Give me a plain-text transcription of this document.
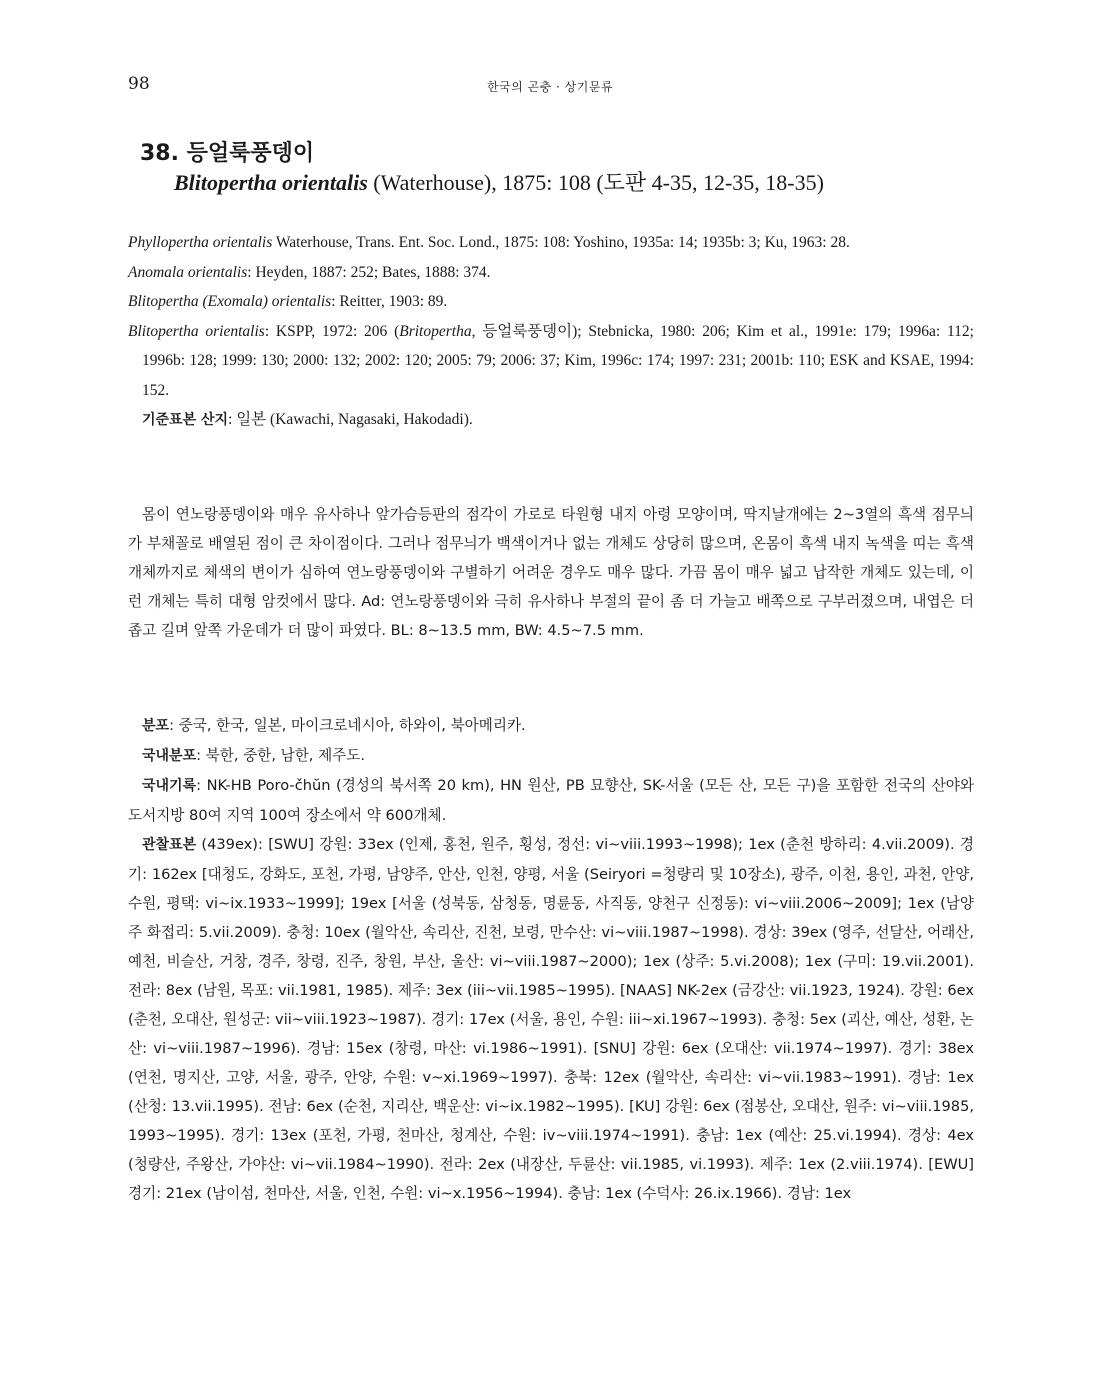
98	한국의 곤충 · 상기문류
38. 등얼룩풍뎅이
Blitopertha orientalis (Waterhouse), 1875: 108 (도판 4-35, 12-35, 18-35)

Phyllopertha orientalis Waterhouse, Trans. Ent. Soc. Lond., 1875: 108: Yoshino, 1935a: 14; 1935b: 3; Ku, 1963: 28.

Anomala orientalis: Heyden, 1887: 252; Bates, 1888: 374.

Blitopertha (Exomala) orientalis: Reitter, 1903: 89.

Blitopertha orientalis: KSPP, 1972: 206 (Britopertha, 등얼룩풍뎅이); Stebnicka, 1980: 206; Kim et al., 1991e: 179; 1996a: 112; 1996b: 128; 1999: 130; 2000: 132; 2002: 120; 2005: 79; 2006: 37; Kim, 1996c: 174; 1997: 231; 2001b: 110; ESK and KSAE, 1994: 152.

기준표본 산지: 일본 (Kawachi, Nagasaki, Hakodadi).

몸이 연노랑풍뎅이와 매우 유사하나 앞가슴등판의 점각이 가로로 타원형 내지 아령 모양이며, 딱지날개에는 2~3열의 흑색 점무늬가 부채꼴로 배열된 점이 큰 차이점이다. 그러나 점무늬가 백색이거나 없는 개체도 상당히 많으며, 온몸이 흑색 내지 녹색을 띠는 흑색 개체까지로 체색의 변이가 심하여 연노랑풍뎅이와 구별하기 어려운 경우도 매우 많다. 가끔 몸이 매우 넓고 납작한 개체도 있는데, 이런 개체는 특히 대형 암컷에서 많다. Ad: 연노랑풍뎅이와 극히 유사하나 부절의 끝이 좀 더 가늘고 배쪽으로 구부러졌으며, 내엽은 더 좁고 길며 앞쪽 가운데가 더 많이 파였다. BL: 8~13.5 mm, BW: 4.5~7.5 mm.

분포: 중국, 한국, 일본, 마이크로네시아, 하와이, 북아메리카.

국내분포: 북한, 중한, 남한, 제주도.

국내기록: NK-HB Poro-čhŭn (경성의 북서쪽 20 km), HN 원산, PB 묘향산, SK-서울 (모든 산, 모든 구)을 포함한 전국의 산야와 도서지방 80여 지역 100여 장소에서 약 600개체.

관찰표본 (439ex): [SWU] 강원: 33ex (인제, 홍천, 원주, 횡성, 정선: vi~viii.1993~1998); 1ex (춘천 방하리: 4.vii.2009). 경기: 162ex [대청도, 강화도, 포천, 가평, 남양주, 안산, 인천, 양평, 서울 (Seiryori =청량리 및 10장소), 광주, 이천, 용인, 과천, 안양, 수원, 평택: vi~ix.1933~1999]; 19ex [서울 (성북동, 삼청동, 명륜동, 사직동, 양천구 신정동): vi~viii.2006~2009]; 1ex (남양주 화접리: 5.vii.2009). 충청: 10ex (월악산, 속리산, 진천, 보령, 만수산: vi~viii.1987~1998). 경상: 39ex (영주, 선달산, 어래산, 예천, 비슬산, 거창, 경주, 창령, 진주, 창원, 부산, 울산: vi~viii.1987~2000); 1ex (상주: 5.vi.2008); 1ex (구미: 19.vii.2001). 전라: 8ex (남원, 목포: vii.1981, 1985). 제주: 3ex (iii~vii.1985~1995). [NAAS] NK-2ex (금강산: vii.1923, 1924). 강원: 6ex (춘천, 오대산, 원성군: vii~viii.1923~1987). 경기: 17ex (서울, 용인, 수원: iii~xi.1967~1993). 충청: 5ex (괴산, 예산, 성환, 논산: vi~viii.1987~1996). 경남: 15ex (창령, 마산: vi.1986~1991). [SNU] 강원: 6ex (오대산: vii.1974~1997). 경기: 38ex (연천, 명지산, 고양, 서울, 광주, 안양, 수원: v~xi.1969~1997). 충북: 12ex (월악산, 속리산: vi~vii.1983~1991). 경남: 1ex (산청: 13.vii.1995). 전남: 6ex (순천, 지리산, 백운산: vi~ix.1982~1995). [KU] 강원: 6ex (점봉산, 오대산, 원주: vi~viii.1985, 1993~1995). 경기: 13ex (포천, 가평, 천마산, 청계산, 수원: iv~viii.1974~1991). 충남: 1ex (예산: 25.vi.1994). 경상: 4ex (청량산, 주왕산, 가야산: vi~vii.1984~1990). 전라: 2ex (내장산, 두륜산: vii.1985, vi.1993). 제주: 1ex (2.viii.1974). [EWU] 경기: 21ex (남이섬, 천마산, 서울, 인천, 수원: vi~x.1956~1994). 충남: 1ex (수덕사: 26.ix.1966). 경남: 1ex
